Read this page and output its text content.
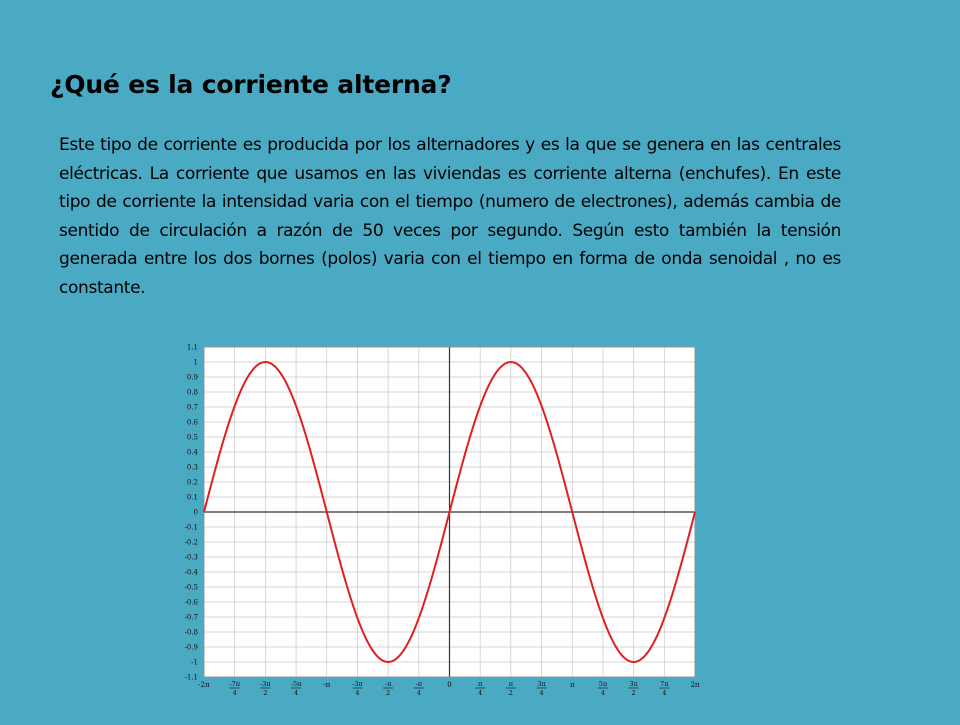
¿Qué es la corriente alterna?

Este tipo de corriente es producida por los alternadores y es la que se genera en las centrales eléctricas. La corriente que usamos en las viviendas es corriente alterna (enchufes). En este tipo de corriente la intensidad varia con el tiempo (numero de electrones), además cambia de sentido de circulación a razón de 50 veces por segundo. Según esto también la tensión generada entre los dos bornes (polos) varia con el tiempo en forma de onda senoidal , no es constante.

1.1
1
0.9
0.8
0.7
0.6
0.5
0.4
0.3
0.2
0.1
0
-0.1
-0.2
-0.3
-0.4
-0.5
-0.6
-0.7
-0.8
-0.9
-1
-1.1
-2π	-7π
4
-3π
2
-5π
4
-π	-3π
4
-π
2
-π
4
0	π
4
π
2
3π
4
π	5π
4
3π
2
7π
4
2π
